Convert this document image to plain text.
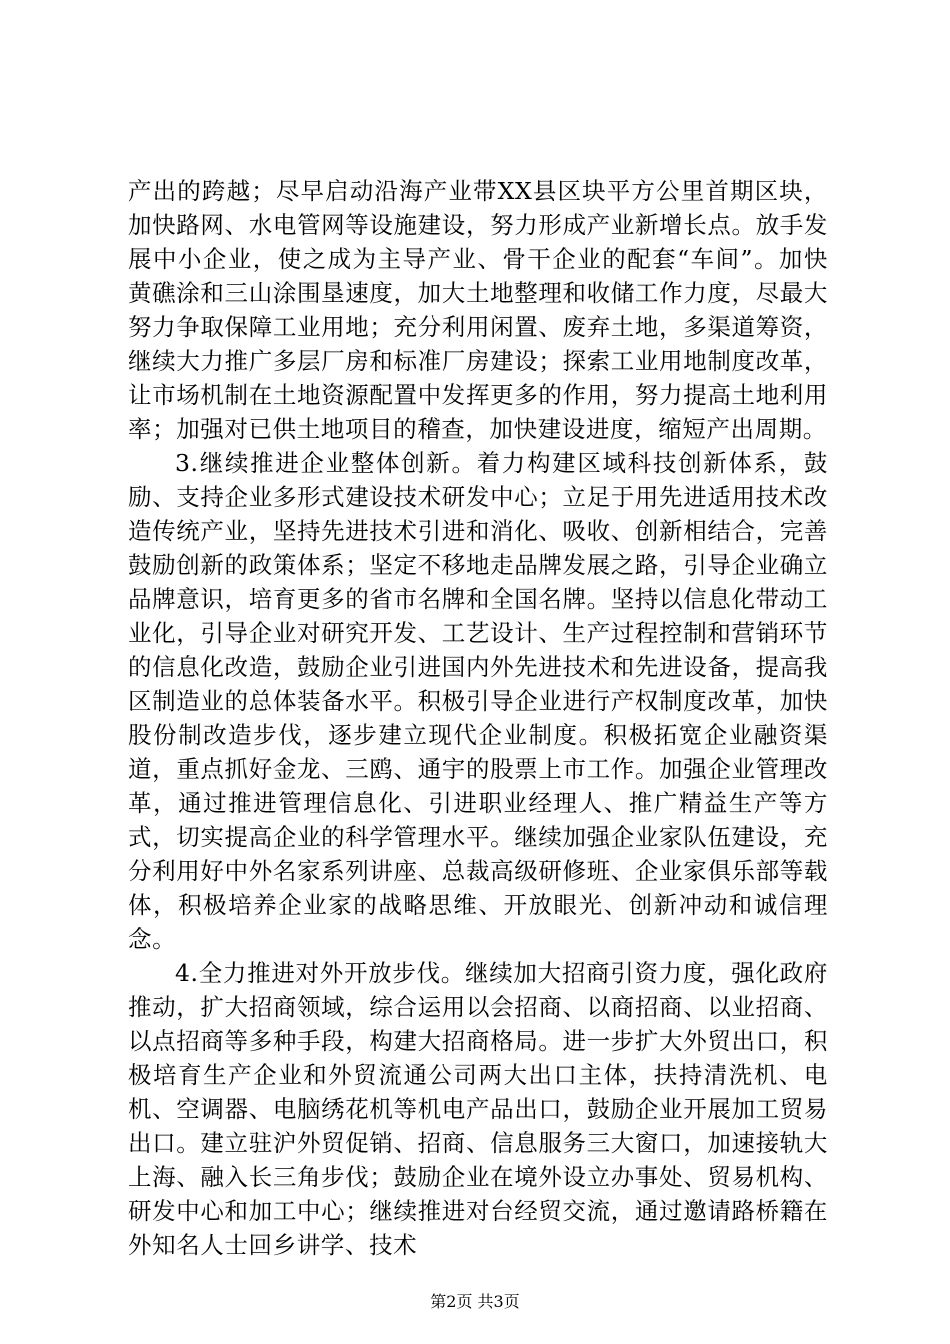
产出的跨越；尽早启动沿海产业带XX县区块平方公里首期区块，加快路网、水电管网等设施建设，努力形成产业新增长点。放手发展中小企业，使之成为主导产业、骨干企业的配套“车间”。加快黄礁涂和三山涂围垦速度，加大土地整理和收储工作力度，尽最大努力争取保障工业用地；充分利用闲置、废弃土地，多渠道筹资，继续大力推广多层厂房和标准厂房建设；探索工业用地制度改革，让市场机制在土地资源配置中发挥更多的作用，努力提高土地利用率；加强对已供土地项目的稽查，加快建设进度，缩短产出周期。

3.继续推进企业整体创新。着力构建区域科技创新体系，鼓励、支持企业多形式建设技术研发中心；立足于用先进适用技术改造传统产业，坚持先进技术引进和消化、吸收、创新相结合，完善鼓励创新的政策体系；坚定不移地走品牌发展之路，引导企业确立品牌意识，培育更多的省市名牌和全国名牌。坚持以信息化带动工业化，引导企业对研究开发、工艺设计、生产过程控制和营销环节的信息化改造，鼓励企业引进国内外先进技术和先进设备，提高我区制造业的总体装备水平。积极引导企业进行产权制度改革，加快股份制改造步伐，逐步建立现代企业制度。积极拓宽企业融资渠道，重点抓好金龙、三鸥、通宇的股票上市工作。加强企业管理改革，通过推进管理信息化、引进职业经理人、推广精益生产等方式，切实提高企业的科学管理水平。继续加强企业家队伍建设，充分利用好中外名家系列讲座、总裁高级研修班、企业家俱乐部等载体，积极培养企业家的战略思维、开放眼光、创新冲动和诚信理念。

4.全力推进对外开放步伐。继续加大招商引资力度，强化政府推动，扩大招商领域，综合运用以会招商、以商招商、以业招商、以点招商等多种手段，构建大招商格局。进一步扩大外贸出口，积极培育生产企业和外贸流通公司两大出口主体，扶持清洗机、电机、空调器、电脑绣花机等机电产品出口，鼓励企业开展加工贸易出口。建立驻沪外贸促销、招商、信息服务三大窗口，加速接轨大上海、融入长三角步伐；鼓励企业在境外设立办事处、贸易机构、研发中心和加工中心；继续推进对台经贸交流，通过邀请路桥籍在外知名人士回乡讲学、技术

第2页 共3页
